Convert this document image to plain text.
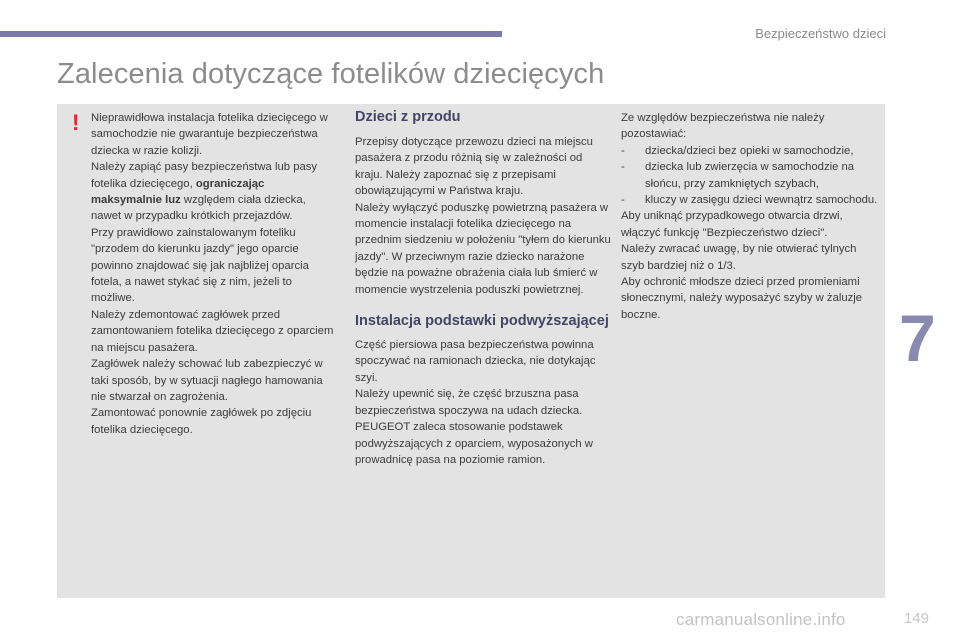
Bezpieczeństwo dzieci
Zalecenia dotyczące fotelików dziecięcych
! Nieprawidłowa instalacja fotelika dziecięcego w samochodzie nie gwarantuje bezpieczeństwa dziecka w razie kolizji.

Należy zapiąć pasy bezpieczeństwa lub pasy fotelika dziecięcego, ograniczając maksymalnie luz względem ciała dziecka, nawet w przypadku krótkich przejazdów.

Przy prawidłowo zainstalowanym foteliku "przodem do kierunku jazdy" jego oparcie powinno znajdować się jak najbliżej oparcia fotela, a nawet stykać się z nim, jeżeli to możliwe.

Należy zdemontować zagłówek przed zamontowaniem fotelika dziecięcego z oparciem na miejscu pasażera.

Zagłówek należy schować lub zabezpieczyć w taki sposób, by w sytuacji nagłego hamowania nie stwarzał on zagrożenia.

Zamontować ponownie zagłówek po zdjęciu fotelika dziecięcego.

Dzieci z przodu

Przepisy dotyczące przewozu dzieci na miejscu pasażera z przodu różnią się w zależności od kraju. Należy zapoznać się z przepisami obowiązującymi w Państwa kraju.

Należy wyłączyć poduszkę powietrzną pasażera w momencie instalacji fotelika dziecięcego na przednim siedzeniu w położeniu "tyłem do kierunku jazdy". W przeciwnym razie dziecko narażone będzie na poważne obrażenia ciała lub śmierć w momencie wystrzelenia poduszki powietrznej.

Instalacja podstawki podwyższającej

Część piersiowa pasa bezpieczeństwa powinna spoczywać na ramionach dziecka, nie dotykając szyi.

Należy upewnić się, że część brzuszna pasa bezpieczeństwa spoczywa na udach dziecka.

PEUGEOT zaleca stosowanie podstawek podwyższających z oparciem, wyposażonych w prowadnicę pasa na poziomie ramion.

Ze względów bezpieczeństwa nie należy pozostawiać:

- dziecka/dzieci bez opieki w samochodzie,

- dziecka lub zwierzęcia w samochodzie na słońcu, przy zamkniętych szybach,

- kluczy w zasięgu dzieci wewnątrz samochodu.

Aby uniknąć przypadkowego otwarcia drzwi, włączyć funkcję "Bezpieczeństwo dzieci".

Należy zwracać uwagę, by nie otwierać tylnych szyb bardziej niż o 1/3.

Aby ochronić młodsze dzieci przed promieniami słonecznymi, należy wyposażyć szyby w żaluzje boczne.	7
carmanualsonline.info	149
